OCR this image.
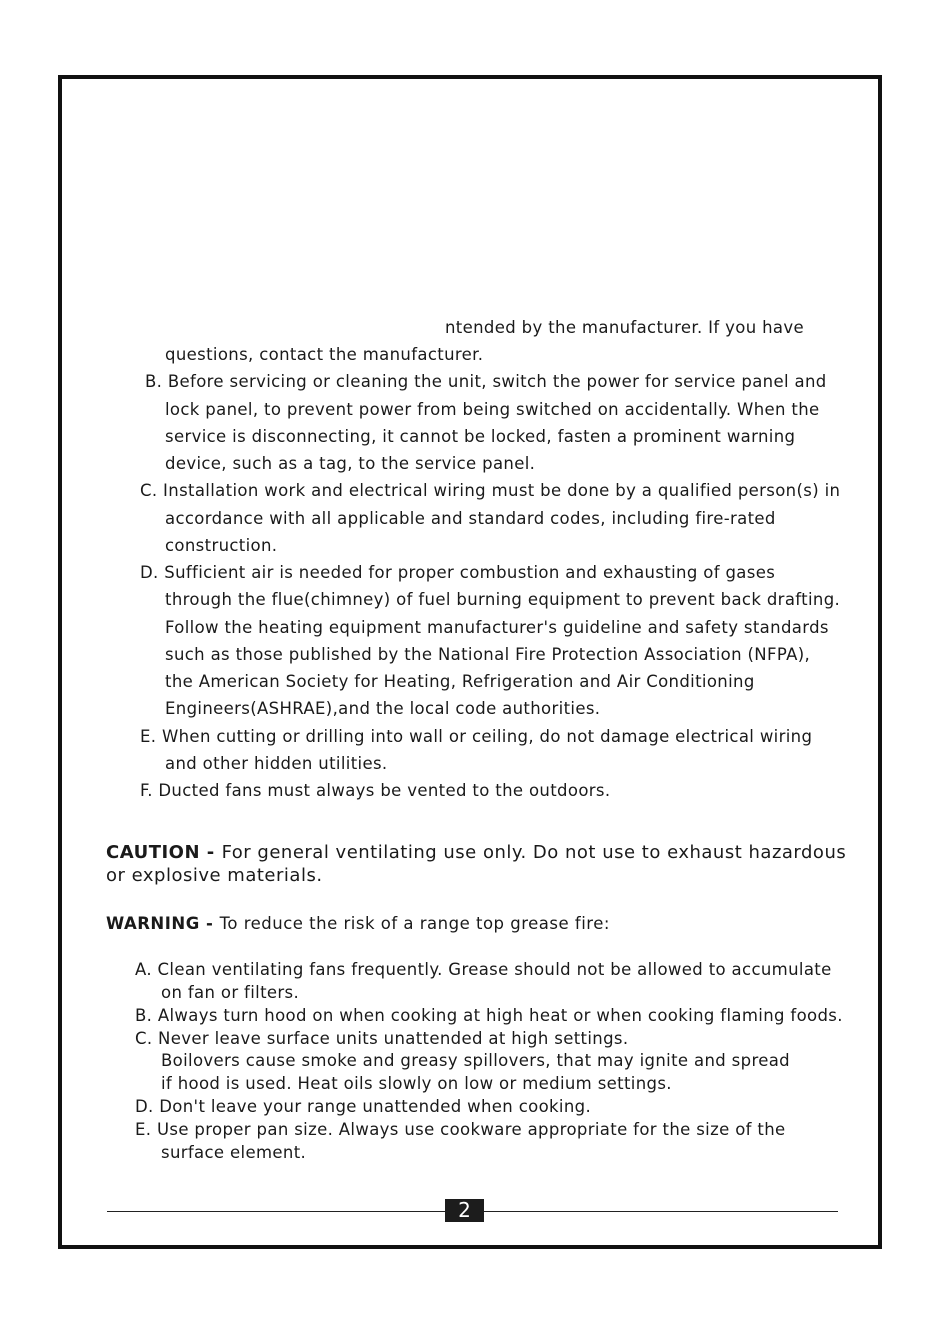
ntended by the manufacturer. If you have
questions, contact the manufacturer.
B. Before servicing or cleaning the unit, switch the power for service panel and
lock panel, to prevent power from being switched on accidentally. When the
service is disconnecting, it cannot be locked, fasten a prominent warning
device, such as a tag, to the service panel.
C. Installation work and electrical wiring must be done by a qualified person(s) in
accordance with all applicable and standard codes, including fire-rated
construction.
D. Sufficient air is needed for proper combustion and exhausting of gases
through the flue(chimney) of fuel burning equipment to prevent back drafting.
Follow the heating equipment manufacturer's guideline and safety standards
such as those published by the National Fire Protection Association (NFPA),
the American Society for Heating, Refrigeration and Air Conditioning
Engineers(ASHRAE),and the local code authorities.
E. When cutting or drilling into wall or ceiling, do not damage electrical wiring
and other hidden utilities.
F. Ducted fans must always be vented to the outdoors.
CAUTION - For general ventilating use only. Do not use to exhaust hazardous
or explosive materials.
WARNING - To reduce the risk of a range top grease fire:
A. Clean ventilating fans frequently. Grease should not be allowed to accumulate
on fan or filters.
B. Always turn hood on when cooking at high heat or when cooking flaming foods.
C. Never leave surface units unattended at high settings.
Boilovers cause smoke and greasy spillovers, that may ignite and spread
if hood is used. Heat oils slowly on low or medium settings.
D. Don't leave your range unattended when cooking.
E. Use proper pan size. Always use cookware appropriate for the size of the
surface element.
2
